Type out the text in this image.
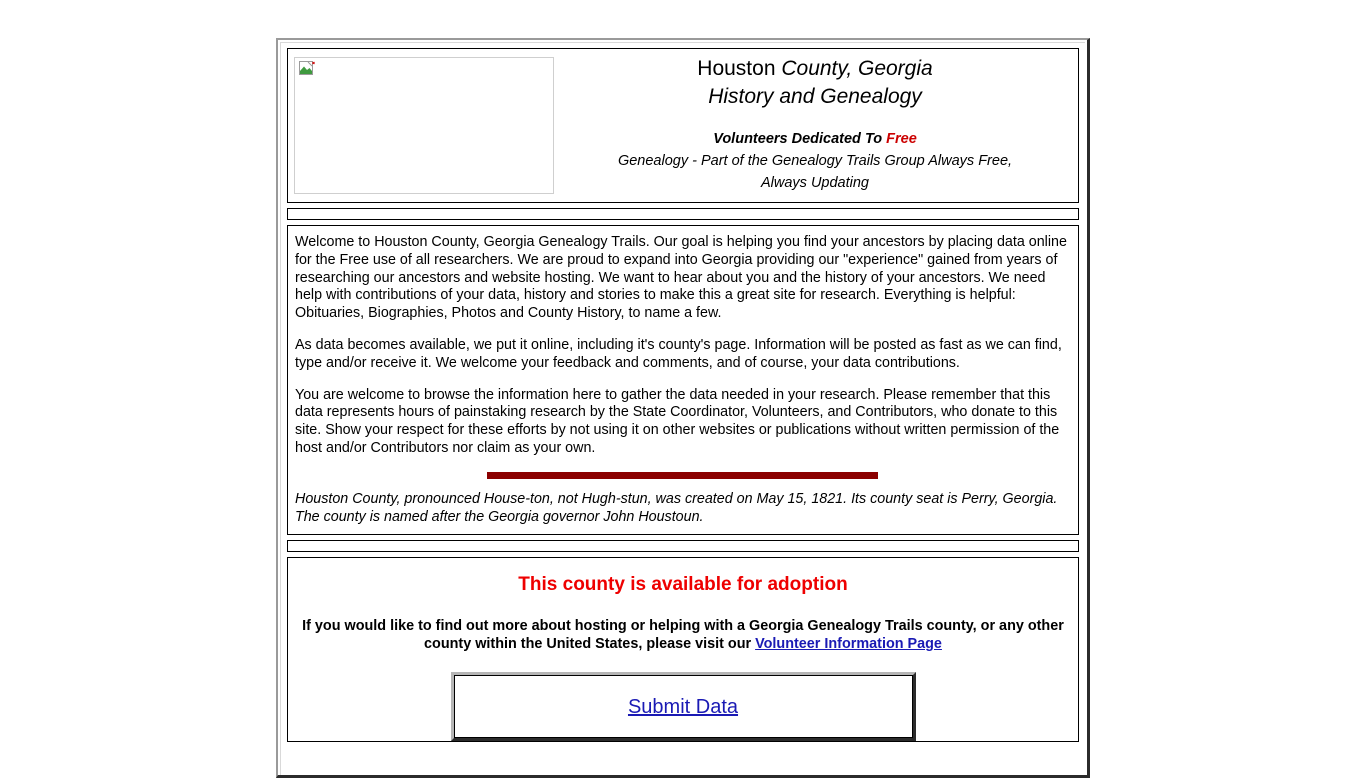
Houston County, Georgia
History and Genealogy
Volunteers Dedicated To Free
Genealogy - Part of the Genealogy Trails Group Always Free,
Always Updating

Welcome to Houston County, Georgia Genealogy Trails. Our goal is helping you find your ancestors by placing data online for the Free use of all researchers. We are proud to expand into Georgia providing our "experience" gained from years of researching our ancestors and website hosting. We want to hear about you and the history of your ancestors. We need help with contributions of your data, history and stories to make this a great site for research. Everything is helpful: Obituaries, Biographies, Photos and County History, to name a few.

As data becomes available, we put it online, including it's county's page. Information will be posted as fast as we can find, type and/or receive it. We welcome your feedback and comments, and of course, your data contributions.

You are welcome to browse the information here to gather the data needed in your research. Please remember that this data represents hours of painstaking research by the State Coordinator, Volunteers, and Contributors, who donate to this site. Show your respect for these efforts by not using it on other websites or publications without written permission of the host and/or Contributors nor claim as your own.

Houston County, pronounced House-ton, not Hugh-stun, was created on May 15, 1821. Its county seat is Perry, Georgia. The county is named after the Georgia governor John Houstoun.

This county is available for adoption
If you would like to find out more about hosting or helping with a Georgia Genealogy Trails county, or any other county within the United States, please visit our Volunteer Information Page
Submit Data
